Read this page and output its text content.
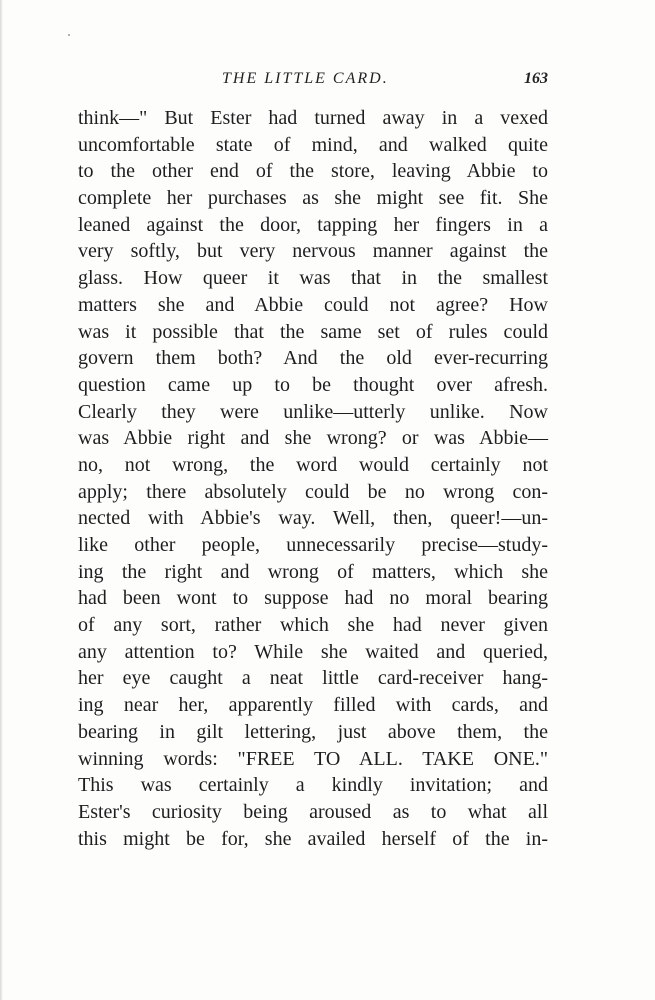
THE LITTLE CARD.	163
think—" But Ester had turned away in a vexed
uncomfortable state of mind, and walked quite
to the other end of the store, leaving Abbie to
complete her purchases as she might see fit. She
leaned against the door, tapping her fingers in a
very softly, but very nervous manner against the
glass. How queer it was that in the smallest
matters she and Abbie could not agree? How
was it possible that the same set of rules could
govern them both? And the old ever-recurring
question came up to be thought over afresh.
Clearly they were unlike—utterly unlike. Now
was Abbie right and she wrong? or was Abbie—
no, not wrong, the word would certainly not
apply; there absolutely could be no wrong con-
nected with Abbie's way. Well, then, queer!—un-
like other people, unnecessarily precise—study-
ing the right and wrong of matters, which she
had been wont to suppose had no moral bearing
of any sort, rather which she had never given
any attention to? While she waited and queried,
her eye caught a neat little card-receiver hang-
ing near her, apparently filled with cards, and
bearing in gilt lettering, just above them, the
winning words: "FREE TO ALL. TAKE ONE."
This was certainly a kindly invitation; and
Ester's curiosity being aroused as to what all
this might be for, she availed herself of the in-
